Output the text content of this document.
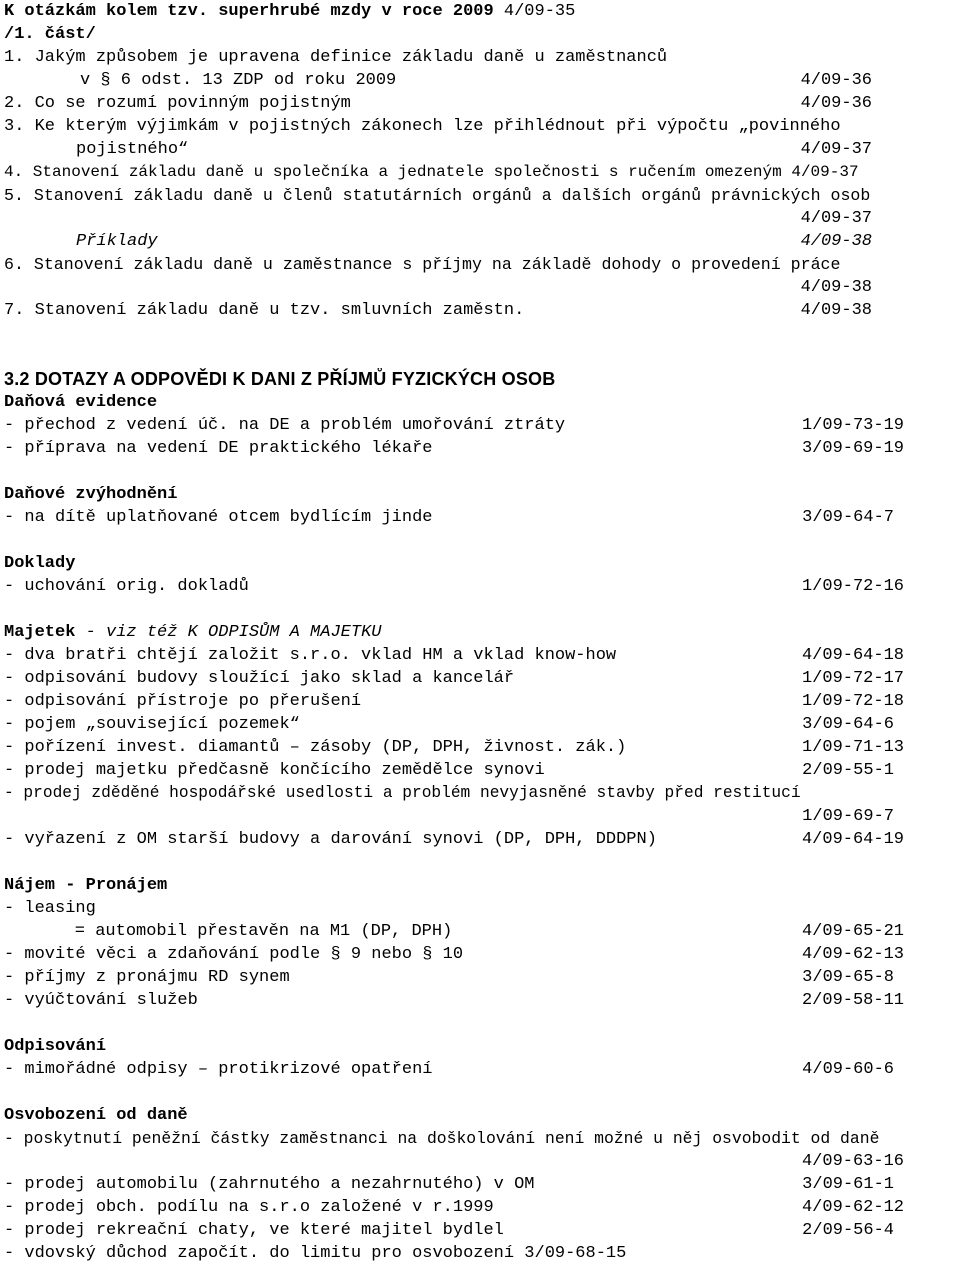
K otázkám kolem tzv. superhrubé mzdy v roce 2009 4/09-35
/1. část/
1. Jakým způsobem je upravena definice základu daně u zaměstnanců
v § 6 odst. 13 ZDP od roku 2009	4/09-36
2. Co se rozumí povinným pojistným	4/09-36
3. Ke kterým výjimkám v pojistných zákonech lze přihlédnout při výpočtu „povinného
pojistného“	4/09-37
4. Stanovení základu daně u společníka a jednatele společnosti s ručením omezeným 4/09-37
5. Stanovení základu daně u členů statutárních orgánů a dalších orgánů právnických osob
4/09-37
Příklady	4/09-38
6. Stanovení základu daně u zaměstnance s příjmy na základě dohody o provedení práce
4/09-38
7. Stanovení základu daně u tzv. smluvních zaměstn.	4/09-38
3.2 DOTAZY A ODPOVĚDI K DANI Z PŘÍJMŮ FYZICKÝCH OSOB
Daňová evidence
- přechod z vedení úč. na DE a problém umořování ztráty	1/09-73-19
- příprava na vedení DE praktického lékaře	3/09-69-19
Daňové zvýhodnění
- na dítě uplatňované otcem bydlícím jinde	3/09-64-7
Doklady
- uchování orig. dokladů	1/09-72-16
Majetek - viz též K ODPISŮM A MAJETKU
- dva bratři chtějí založit s.r.o. vklad HM a vklad know-how	4/09-64-18
- odpisování budovy sloužící jako sklad a kancelář	1/09-72-17
- odpisování přístroje po přerušení	1/09-72-18
- pojem „související pozemek“	3/09-64-6
- pořízení invest. diamantů – zásoby (DP, DPH, živnost. zák.)	1/09-71-13
- prodej majetku předčasně končícího zemědělce synovi	2/09-55-1
- prodej zděděné hospodářské usedlosti a problém nevyjasněné stavby před restitucí
1/09-69-7
- vyřazení z OM starší budovy a darování synovi (DP, DPH, DDDPN)	4/09-64-19
Nájem - Pronájem
- leasing
= automobil přestavěn na M1 (DP, DPH)	4/09-65-21
- movité věci a zdaňování podle § 9 nebo § 10	4/09-62-13
- příjmy z pronájmu RD synem	3/09-65-8
- vyúčtování služeb	2/09-58-11
Odpisování
- mimořádné odpisy – protikrizové opatření	4/09-60-6
Osvobození od daně
- poskytnutí peněžní částky zaměstnanci na doškolování není možné u něj osvobodit od daně
4/09-63-16
- prodej automobilu (zahrnutého a nezahrnutého) v OM	3/09-61-1
- prodej obch. podílu na s.r.o založené v r.1999	4/09-62-12
- prodej rekreační chaty, ve které majitel bydlel	2/09-56-4
- vdovský důchod započít. do limitu pro osvobození 3/09-68-15
